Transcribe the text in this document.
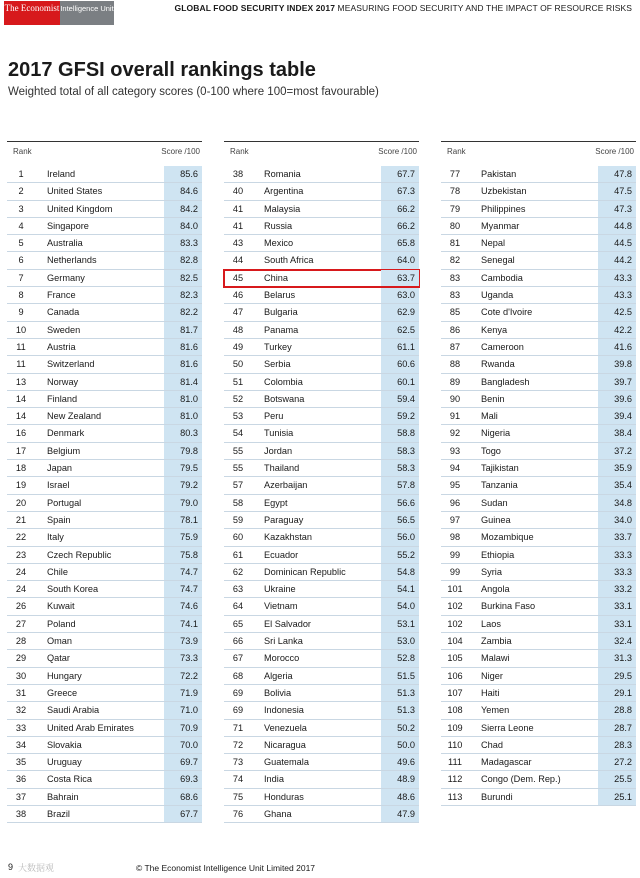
The Economist Intelligence Unit	GLOBAL FOOD SECURITY INDEX 2017 MEASURING FOOD SECURITY AND THE IMPACT OF RESOURCE RISKS
2017 GFSI overall rankings table
Weighted total of all category scores (0-100 where 100=most favourable)
Rank	Score /100
1	Ireland	85.6
2	United States	84.6
3	United Kingdom	84.2
4	Singapore	84.0
5	Australia	83.3
6	Netherlands	82.8
7	Germany	82.5
8	France	82.3
9	Canada	82.2
10	Sweden	81.7
11	Austria	81.6
11	Switzerland	81.6
13	Norway	81.4
14	Finland	81.0
14	New Zealand	81.0
16	Denmark	80.3
17	Belgium	79.8
18	Japan	79.5
19	Israel	79.2
20	Portugal	79.0
21	Spain	78.1
22	Italy	75.9
23	Czech Republic	75.8
24	Chile	74.7
24	South Korea	74.7
26	Kuwait	74.6
27	Poland	74.1
28	Oman	73.9
29	Qatar	73.3
30	Hungary	72.2
31	Greece	71.9
32	Saudi Arabia	71.0
33	United Arab Emirates	70.9
34	Slovakia	70.0
35	Uruguay	69.7
36	Costa Rica	69.3
37	Bahrain	68.6
38	Brazil	67.7
Rank	Score /100
38	Romania	67.7
40	Argentina	67.3
41	Malaysia	66.2
41	Russia	66.2
43	Mexico	65.8
44	South Africa	64.0
45	China	63.7
46	Belarus	63.0
47	Bulgaria	62.9
48	Panama	62.5
49	Turkey	61.1
50	Serbia	60.6
51	Colombia	60.1
52	Botswana	59.4
53	Peru	59.2
54	Tunisia	58.8
55	Jordan	58.3
55	Thailand	58.3
57	Azerbaijan	57.8
58	Egypt	56.6
59	Paraguay	56.5
60	Kazakhstan	56.0
61	Ecuador	55.2
62	Dominican Republic	54.8
63	Ukraine	54.1
64	Vietnam	54.0
65	El Salvador	53.1
66	Sri Lanka	53.0
67	Morocco	52.8
68	Algeria	51.5
69	Bolivia	51.3
69	Indonesia	51.3
71	Venezuela	50.2
72	Nicaragua	50.0
73	Guatemala	49.6
74	India	48.9
75	Honduras	48.6
76	Ghana	47.9
Rank	Score /100
77	Pakistan	47.8
78	Uzbekistan	47.5
79	Philippines	47.3
80	Myanmar	44.8
81	Nepal	44.5
82	Senegal	44.2
83	Cambodia	43.3
83	Uganda	43.3
85	Cote d'Ivoire	42.5
86	Kenya	42.2
87	Cameroon	41.6
88	Rwanda	39.8
89	Bangladesh	39.7
90	Benin	39.6
91	Mali	39.4
92	Nigeria	38.4
93	Togo	37.2
94	Tajikistan	35.9
95	Tanzania	35.4
96	Sudan	34.8
97	Guinea	34.0
98	Mozambique	33.7
99	Ethiopia	33.3
99	Syria	33.3
101	Angola	33.2
102	Burkina Faso	33.1
102	Laos	33.1
104	Zambia	32.4
105	Malawi	31.3
106	Niger	29.5
107	Haiti	29.1
108	Yemen	28.8
109	Sierra Leone	28.7
110	Chad	28.3
111	Madagascar	27.2
112	Congo (Dem. Rep.)	25.5
113	Burundi	25.1
9 大数据观	© The Economist Intelligence Unit Limited 2017
